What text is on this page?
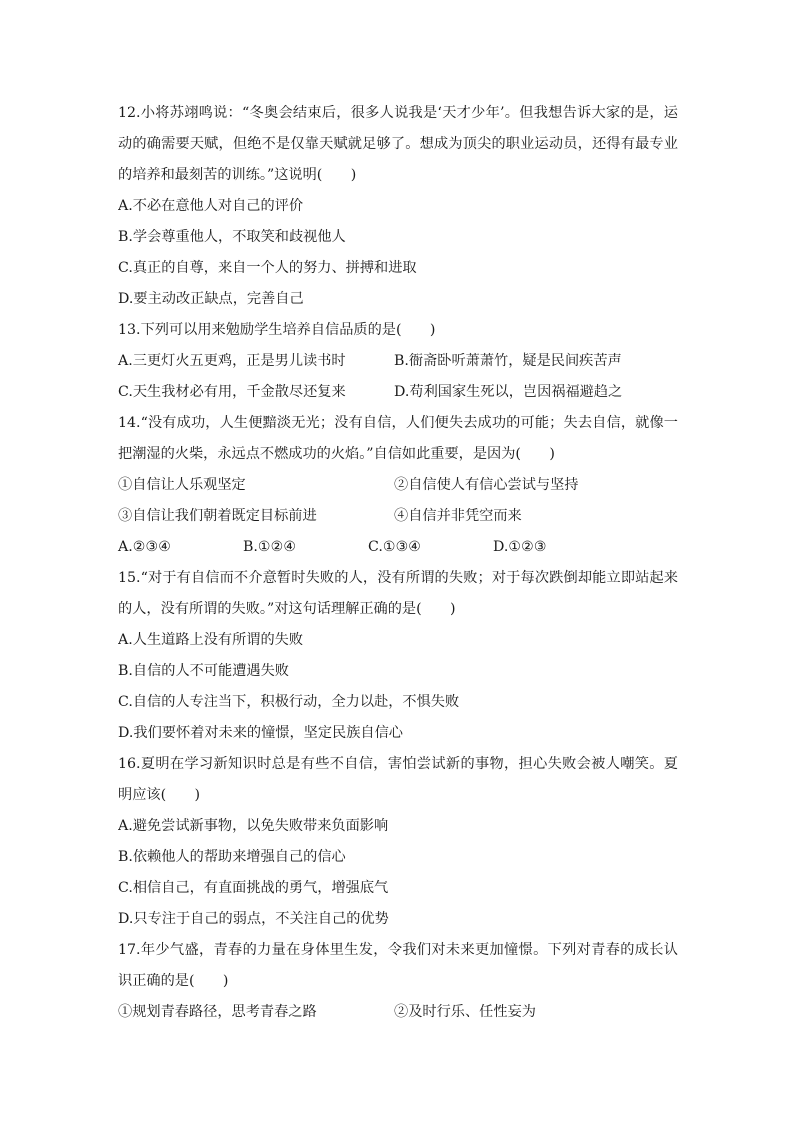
12.小将苏翊鸣说：“冬奥会结束后，很多人说我是‘天才少年’。但我想告诉大家的是，运动的确需要天赋，但绝不是仅靠天赋就足够了。想成为顶尖的职业运动员，还得有最专业的培养和最刻苦的训练。”这说明(　　)
A.不必在意他人对自己的评价
B.学会尊重他人，不取笑和歧视他人
C.真正的自尊，来自一个人的努力、拼搏和进取
D.要主动改正缺点，完善自己
13.下列可以用来勉励学生培养自信品质的是(　　)
A.三更灯火五更鸡，正是男儿读书时	B.衙斋卧听萧萧竹，疑是民间疾苦声
C.天生我材必有用，千金散尽还复来	D.苟利国家生死以，岂因祸福避趋之
14.“没有成功，人生便黯淡无光；没有自信，人们便失去成功的可能；失去自信，就像一把潮湿的火柴，永远点不燃成功的火焰。”自信如此重要，是因为(　　)
①自信让人乐观坚定	②自信使人有信心尝试与坚持
③自信让我们朝着既定目标前进	④自信并非凭空而来
A.②③④	B.①②④	C.①③④	D.①②③
15.“对于有自信而不介意暂时失败的人，没有所谓的失败；对于每次跌倒却能立即站起来的人，没有所谓的失败。”对这句话理解正确的是(　　)
A.人生道路上没有所谓的失败
B.自信的人不可能遭遇失败
C.自信的人专注当下，积极行动，全力以赴，不惧失败
D.我们要怀着对未来的憧憬，坚定民族自信心
16.夏明在学习新知识时总是有些不自信，害怕尝试新的事物，担心失败会被人嘲笑。夏明应该(　　)
A.避免尝试新事物，以免失败带来负面影响
B.依赖他人的帮助来增强自己的信心
C.相信自己，有直面挑战的勇气，增强底气
D.只专注于自己的弱点，不关注自己的优势
17.年少气盛，青春的力量在身体里生发，令我们对未来更加憧憬。下列对青春的成长认识正确的是(　　)
①规划青春路径，思考青春之路	②及时行乐、任性妄为
